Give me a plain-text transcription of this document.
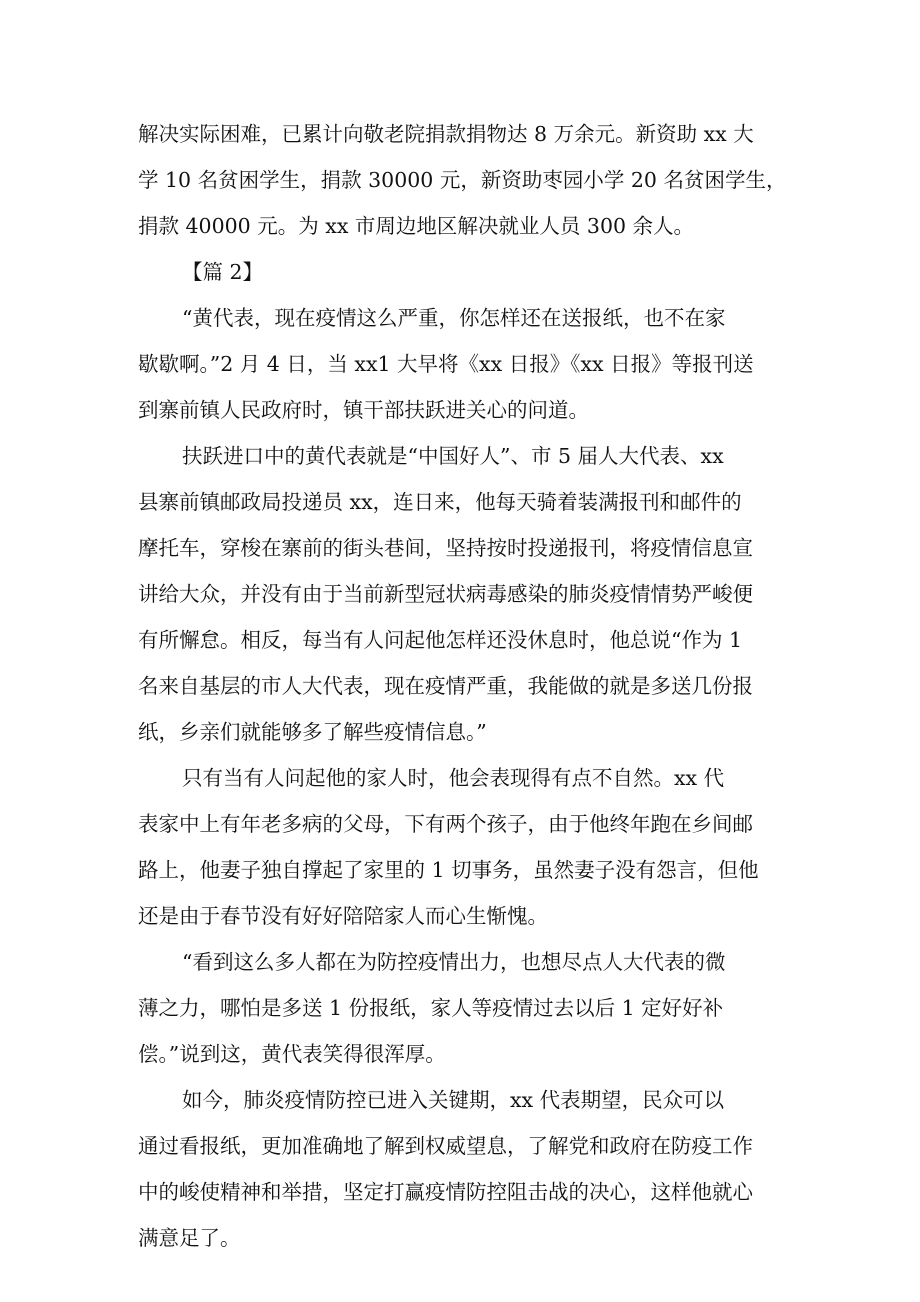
解决实际困难，已累计向敬老院捐款捐物达 8 万余元。新资助 xx 大
学 10 名贫困学生，捐款 30000 元，新资助枣园小学 20 名贫困学生，
捐款 40000 元。为 xx 市周边地区解决就业人员 300 余人。
【篇 2】
“黄代表，现在疫情这么严重，你怎样还在送报纸，也不在家
歇歇啊。”2 月 4 日，当 xx1 大早将《xx 日报》《xx 日报》等报刊送
到寨前镇人民政府时，镇干部扶跃进关心的问道。
扶跃进口中的黄代表就是“中国好人”、市 5 届人大代表、xx
县寨前镇邮政局投递员 xx，连日来，他每天骑着装满报刊和邮件的
摩托车，穿梭在寨前的街头巷间，坚持按时投递报刊，将疫情信息宣
讲给大众，并没有由于当前新型冠状病毒感染的肺炎疫情情势严峻便
有所懈怠。相反，每当有人问起他怎样还没休息时，他总说“作为 1
名来自基层的市人大代表，现在疫情严重，我能做的就是多送几份报
纸，乡亲们就能够多了解些疫情信息。”
只有当有人问起他的家人时，他会表现得有点不自然。xx 代
表家中上有年老多病的父母，下有两个孩子，由于他终年跑在乡间邮
路上，他妻子独自撑起了家里的 1 切事务，虽然妻子没有怨言，但他
还是由于春节没有好好陪陪家人而心生惭愧。
“看到这么多人都在为防控疫情出力，也想尽点人大代表的微
薄之力，哪怕是多送 1 份报纸，家人等疫情过去以后 1 定好好补
偿。”说到这，黄代表笑得很浑厚。
如今，肺炎疫情防控已进入关键期，xx 代表期望，民众可以
通过看报纸，更加准确地了解到权威望息，了解党和政府在防疫工作
中的峻使精神和举措，坚定打赢疫情防控阻击战的决心，这样他就心
满意足了。
